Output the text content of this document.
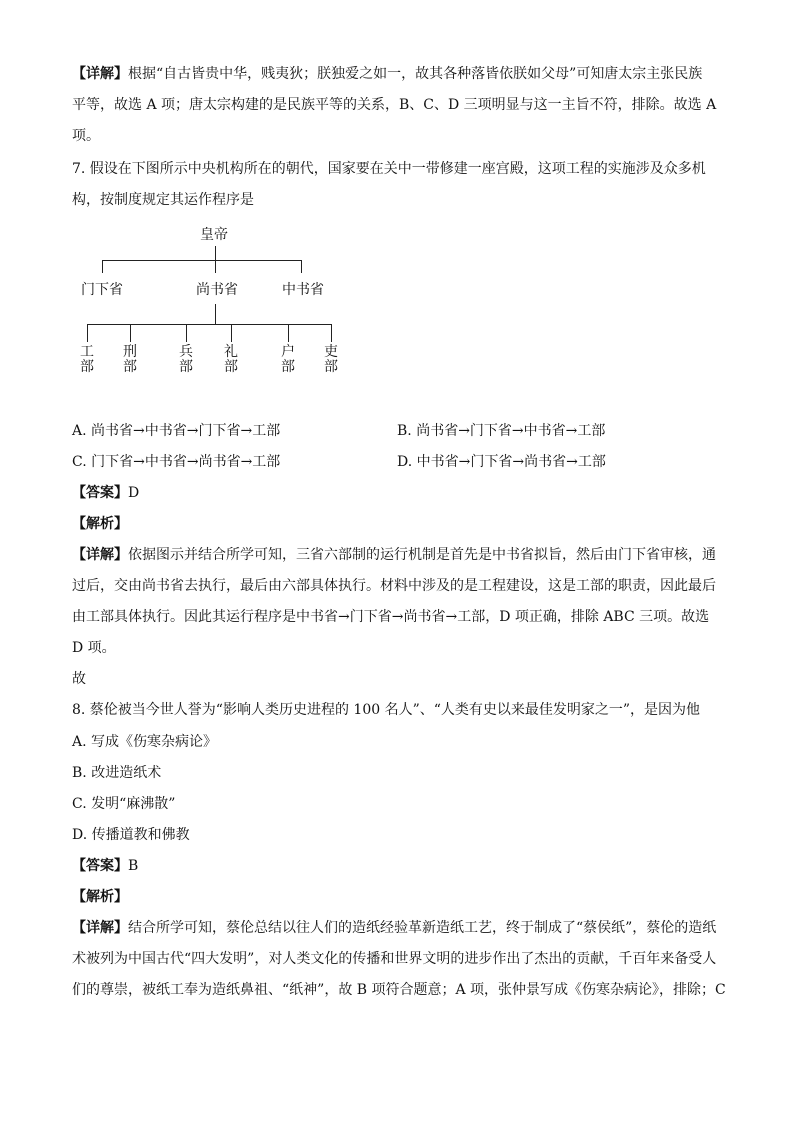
【详解】根据“自古皆贵中华，贱夷狄；朕独爱之如一，故其各种落皆依朕如父母”可知唐太宗主张民族
平等，故选 A 项；唐太宗构建的是民族平等的关系，B、C、D 三项明显与这一主旨不符，排除。故选 A
项。
7. 假设在下图所示中央机构所在的朝代，国家要在关中一带修建一座宫殿，这项工程的实施涉及众多机
构，按制度规定其运作程序是
皇帝
门下省	尚书省	中书省
工
部
刑
部
兵
部
礼
部
户
部
吏
部
A. 尚书省→中书省→门下省→工部	B. 尚书省→门下省→中书省→工部
C. 门下省→中书省→尚书省→工部	D. 中书省→门下省→尚书省→工部
【答案】D
【解析】
【详解】依据图示并结合所学可知，三省六部制的运行机制是首先是中书省拟旨，然后由门下省审核，通
过后，交由尚书省去执行，最后由六部具体执行。材料中涉及的是工程建设，这是工部的职责，因此最后
由工部具体执行。因此其运行程序是中书省→门下省→尚书省→工部，D 项正确，排除 ABC 三项。故选
D 项。
故
8. 蔡伦被当今世人誉为“影响人类历史进程的 100 名人”、“人类有史以来最佳发明家之一”，是因为他
A. 写成《伤寒杂病论》
B. 改进造纸术
C. 发明“麻沸散”
D. 传播道教和佛教
【答案】B
【解析】
【详解】结合所学可知，蔡伦总结以往人们的造纸经验革新造纸工艺，终于制成了“蔡侯纸”，蔡伦的造纸
术被列为中国古代“四大发明”，对人类文化的传播和世界文明的进步作出了杰出的贡献，千百年来备受人
们的尊崇，被纸工奉为造纸鼻祖、“纸神”，故 B 项符合题意；A 项，张仲景写成《伤寒杂病论》，排除；C
